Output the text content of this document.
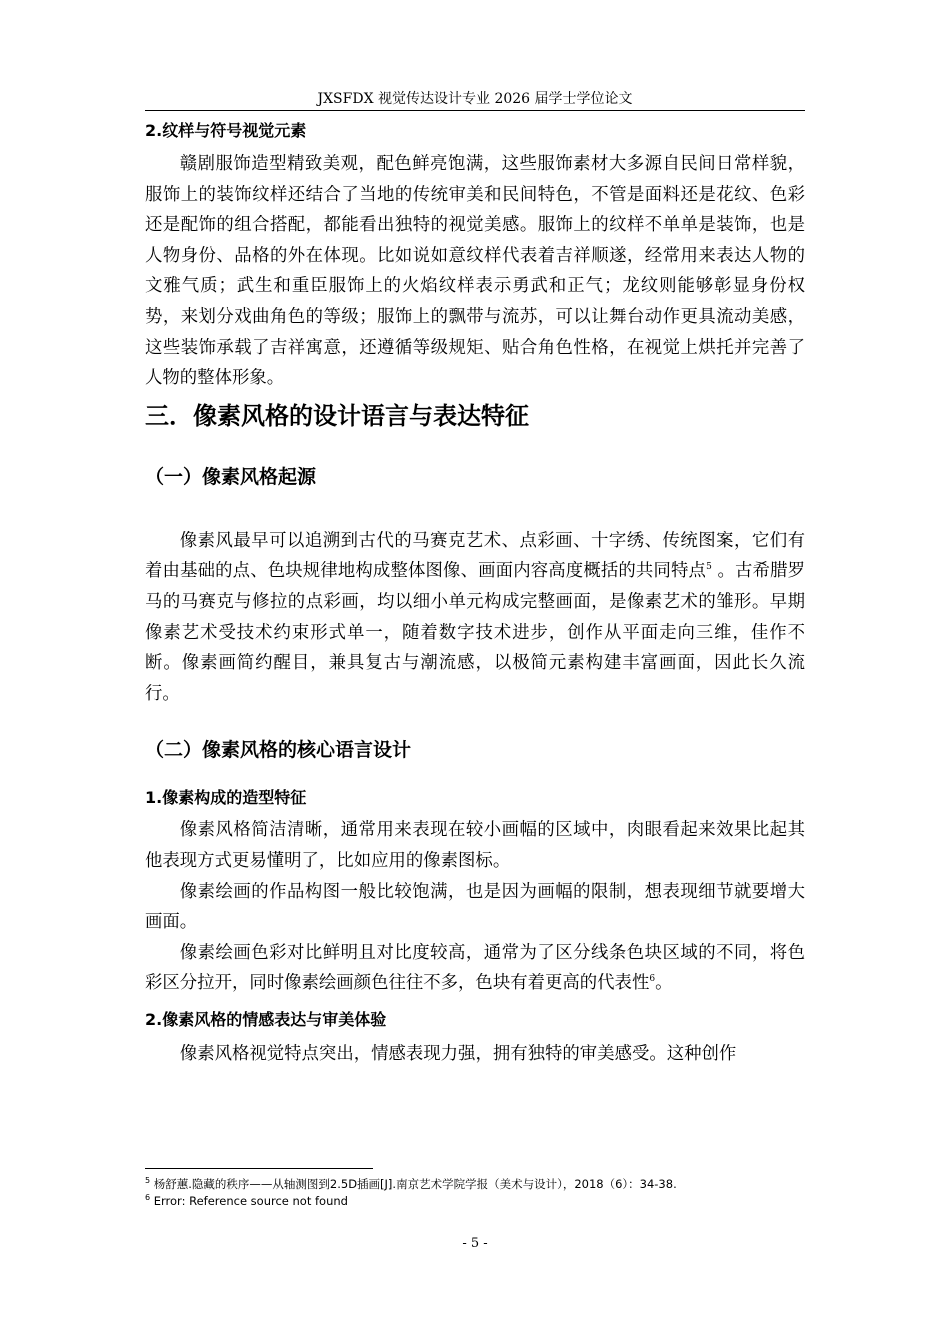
JXSFDX 视觉传达设计专业 2026 届学士学位论文
2.纹样与符号视觉元素

赣剧服饰造型精致美观，配色鲜亮饱满，这些服饰素材大多源自民间日常样貌，服饰上的装饰纹样还结合了当地的传统审美和民间特色，不管是面料还是花纹、色彩还是配饰的组合搭配，都能看出独特的视觉美感。服饰上的纹样不单单是装饰，也是人物身份、品格的外在体现。比如说如意纹样代表着吉祥顺遂，经常用来表达人物的文雅气质；武生和重臣服饰上的火焰纹样表示勇武和正气；龙纹则能够彰显身份权势，来划分戏曲角色的等级；服饰上的飘带与流苏，可以让舞台动作更具流动美感，这些装饰承载了吉祥寓意，还遵循等级规矩、贴合角色性格，在视觉上烘托并完善了人物的整体形象。

三．像素风格的设计语言与表达特征
（一）像素风格起源

像素风最早可以追溯到古代的马赛克艺术、点彩画、十字绣、传统图案，它们有着由基础的点、色块规律地构成整体图像、画面内容高度概括的共同特点$^5$ 。古希腊罗马的马赛克与修拉的点彩画，均以细小单元构成完整画面，是像素艺术的雏形。早期像素艺术受技术约束形式单一，随着数字技术进步，创作从平面走向三维，佳作不断。像素画简约醒目，兼具复古与潮流感，以极简元素构建丰富画面，因此长久流行。

（二）像素风格的核心语言设计
1.像素构成的造型特征

像素风格简洁清晰，通常用来表现在较小画幅的区域中，肉眼看起来效果比起其他表现方式更易懂明了，比如应用的像素图标。

像素绘画的作品构图一般比较饱满，也是因为画幅的限制，想表现细节就要增大画面。

像素绘画色彩对比鲜明且对比度较高，通常为了区分线条色块区域的不同，将色彩区分拉开，同时像素绘画颜色往往不多，色块有着更高的代表性$^6$。

2.像素风格的情感表达与审美体验

像素风格视觉特点突出，情感表现力强，拥有独特的审美感受。这种创作

$^5$ 杨舒蕙.隐藏的秩序——从轴测图到2.5D插画[J].南京艺术学院学报（美术与设计），2018（6）：34-38.
$^6$ Error: Reference source not found
- 5 -
